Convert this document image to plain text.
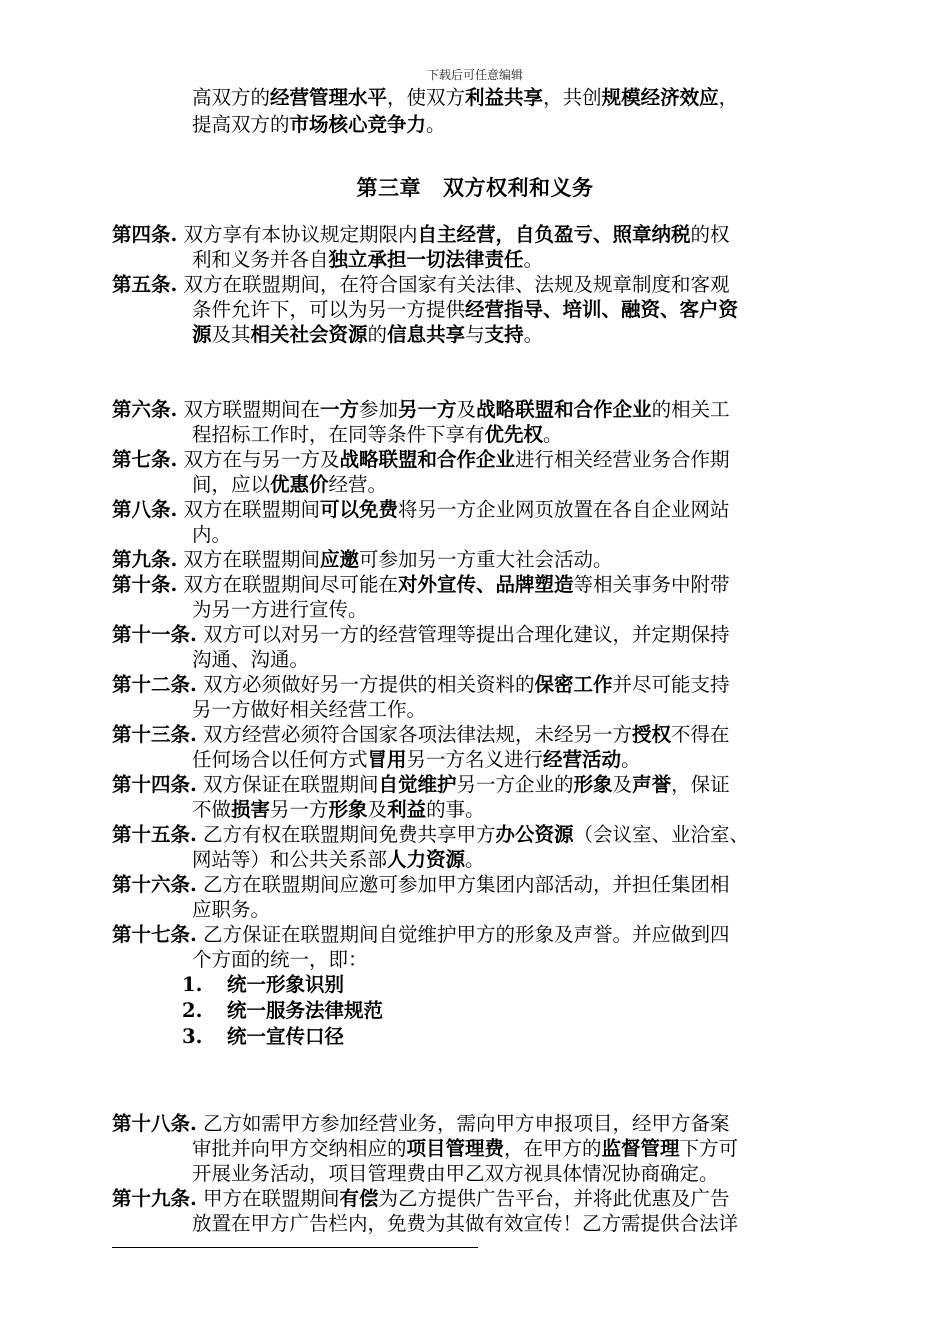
下载后可任意编辑
高双方的经营管理水平，使双方利益共享，共创规模经济效应，
提高双方的市场核心竞争力。
第三章 双方权利和义务

第四条. 双方享有本协议规定期限内自主经营，自负盈亏、照章纳税的权
利和义务并各自独立承担一切法律责任。

第五条. 双方在联盟期间，在符合国家有关法律、法规及规章制度和客观
条件允许下，可以为另一方提供经营指导、培训、融资、客户资
源及其相关社会资源的信息共享与支持。

第六条. 双方联盟期间在一方参加另一方及战略联盟和合作企业的相关工
程招标工作时，在同等条件下享有优先权。

第七条. 双方在与另一方及战略联盟和合作企业进行相关经营业务合作期
间，应以优惠价经营。

第八条. 双方在联盟期间可以免费将另一方企业网页放置在各自企业网站
内。

第九条. 双方在联盟期间应邀可参加另一方重大社会活动。

第十条. 双方在联盟期间尽可能在对外宣传、品牌塑造等相关事务中附带
为另一方进行宣传。

第十一条. 双方可以对另一方的经营管理等提出合理化建议，并定期保持
沟通、沟通。

第十二条. 双方必须做好另一方提供的相关资料的保密工作并尽可能支持
另一方做好相关经营工作。

第十三条. 双方经营必须符合国家各项法律法规，未经另一方授权不得在
任何场合以任何方式冒用另一方名义进行经营活动。

第十四条. 双方保证在联盟期间自觉维护另一方企业的形象及声誉，保证
不做损害另一方形象及利益的事。

第十五条. 乙方有权在联盟期间免费共享甲方办公资源（会议室、业洽室、
网站等）和公共关系部人力资源。

第十六条. 乙方在联盟期间应邀可参加甲方集团内部活动，并担任集团相
应职务。

第十七条. 乙方保证在联盟期间自觉维护甲方的形象及声誉。并应做到四
个方面的统一，即：

1. 统一形象识别
2. 统一服务法律规范
3. 统一宣传口径

第十八条. 乙方如需甲方参加经营业务，需向甲方申报项目，经甲方备案
审批并向甲方交纳相应的项目管理费，在甲方的监督管理下方可
开展业务活动，项目管理费由甲乙双方视具体情况协商确定。

第十九条. 甲方在联盟期间有偿为乙方提供广告平台，并将此优惠及广告
放置在甲方广告栏内，免费为其做有效宣传！乙方需提供合法详
